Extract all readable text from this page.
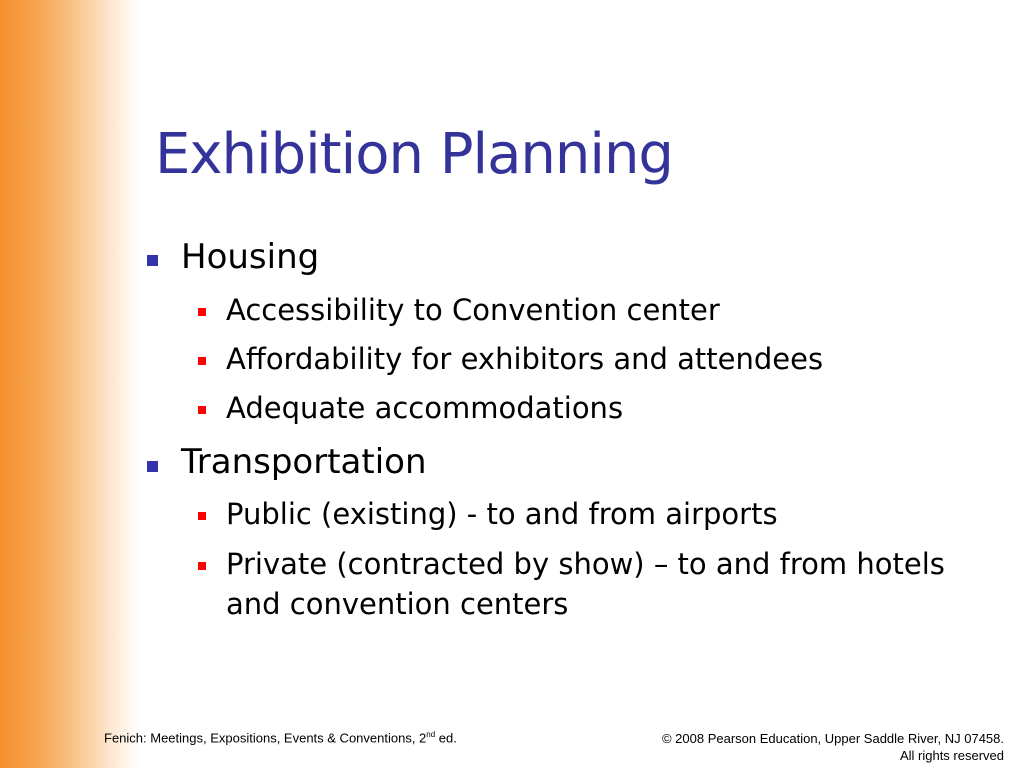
Exhibition Planning
Housing
Accessibility to Convention center
Affordability for exhibitors and attendees
Adequate accommodations
Transportation
Public (existing) - to and from airports
Private (contracted by show) – to and from hotels
and convention centers
Fenich: Meetings, Expositions, Events & Conventions, 2nd ed.	© 2008 Pearson Education, Upper Saddle River, NJ 07458.
All rights reserved
